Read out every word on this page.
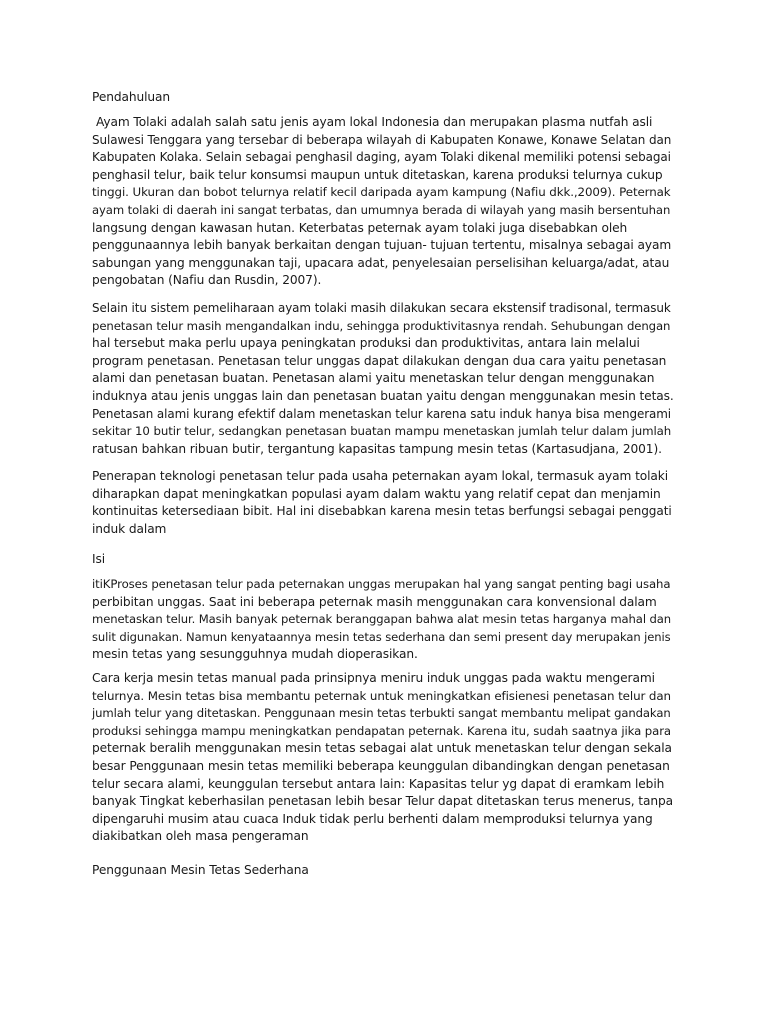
Pendahuluan
Ayam Tolaki adalah salah satu jenis ayam lokal Indonesia dan merupakan plasma nutfah asli
Sulawesi Tenggara yang tersebar di beberapa wilayah di Kabupaten Konawe, Konawe Selatan dan
Kabupaten Kolaka. Selain sebagai penghasil daging, ayam Tolaki dikenal memiliki potensi sebagai
penghasil telur, baik telur konsumsi maupun untuk ditetaskan, karena produksi telurnya cukup
tinggi. Ukuran dan bobot telurnya relatif kecil daripada ayam kampung (Nafiu dkk.,2009). Peternak
ayam tolaki di daerah ini sangat terbatas, dan umumnya berada di wilayah yang masih bersentuhan
langsung dengan kawasan hutan. Keterbatas peternak ayam tolaki juga disebabkan oleh
penggunaannya lebih banyak berkaitan dengan tujuan- tujuan tertentu, misalnya sebagai ayam
sabungan yang menggunakan taji, upacara adat, penyelesaian perselisihan keluarga/adat, atau
pengobatan (Nafiu dan Rusdin, 2007).
Selain itu sistem pemeliharaan ayam tolaki masih dilakukan secara ekstensif tradisonal, termasuk
penetasan telur masih mengandalkan indu, sehingga produktivitasnya rendah. Sehubungan dengan
hal tersebut maka perlu upaya peningkatan produksi dan produktivitas, antara lain melalui
program penetasan. Penetasan telur unggas dapat dilakukan dengan dua cara yaitu penetasan
alami dan penetasan buatan. Penetasan alami yaitu menetaskan telur dengan menggunakan
induknya atau jenis unggas lain dan penetasan buatan yaitu dengan menggunakan mesin tetas.
Penetasan alami kurang efektif dalam menetaskan telur karena satu induk hanya bisa mengerami
sekitar 10 butir telur, sedangkan penetasan buatan mampu menetaskan jumlah telur dalam jumlah
ratusan bahkan ribuan butir, tergantung kapasitas tampung mesin tetas (Kartasudjana, 2001).
Penerapan teknologi penetasan telur pada usaha peternakan ayam lokal, termasuk ayam tolaki
diharapkan dapat meningkatkan populasi ayam dalam waktu yang relatif cepat dan menjamin
kontinuitas ketersediaan bibit. Hal ini disebabkan karena mesin tetas berfungsi sebagai penggati
induk dalam
Isi
itiKProses penetasan telur pada peternakan unggas merupakan hal yang sangat penting bagi usaha
perbibitan unggas. Saat ini beberapa peternak masih menggunakan cara konvensional dalam
menetaskan telur. Masih banyak peternak beranggapan bahwa alat mesin tetas harganya mahal dan
sulit digunakan. Namun kenyataannya mesin tetas sederhana dan semi present day merupakan jenis
mesin tetas yang sesungguhnya mudah dioperasikan.
Cara kerja mesin tetas manual pada prinsipnya meniru induk unggas pada waktu mengerami
telurnya. Mesin tetas bisa membantu peternak untuk meningkatkan efisienesi penetasan telur dan
jumlah telur yang ditetaskan. Penggunaan mesin tetas terbukti sangat membantu melipat gandakan
produksi sehingga mampu meningkatkan pendapatan peternak. Karena itu, sudah saatnya jika para
peternak beralih menggunakan mesin tetas sebagai alat untuk menetaskan telur dengan sekala
besar Penggunaan mesin tetas memiliki beberapa keunggulan dibandingkan dengan penetasan
telur secara alami, keunggulan tersebut antara lain: Kapasitas telur yg dapat di eramkam lebih
banyak Tingkat keberhasilan penetasan lebih besar Telur dapat ditetaskan terus menerus, tanpa
dipengaruhi musim atau cuaca Induk tidak perlu berhenti dalam memproduksi telurnya yang
diakibatkan oleh masa pengeraman
Penggunaan Mesin Tetas Sederhana
